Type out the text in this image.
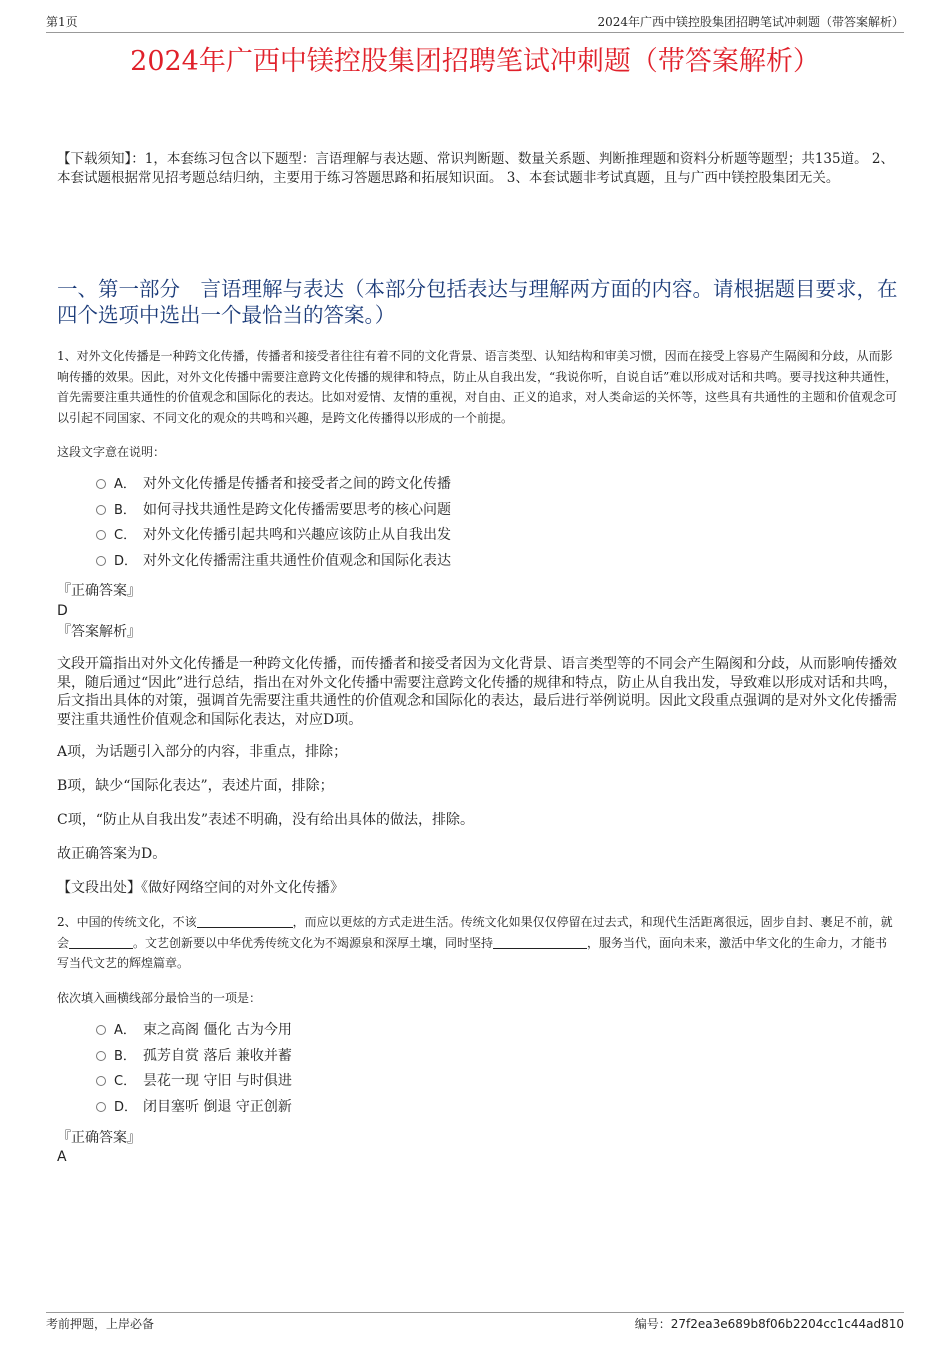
第1页	2024年广西中镁控股集团招聘笔试冲刺题（带答案解析）
2024年广西中镁控股集团招聘笔试冲刺题（带答案解析）
【下载须知】：1，本套练习包含以下题型：言语理解与表达题、常识判断题、数量关系题、判断推理题和资料分析题等题型；共135道。 2、本套试题根据常见招考题总结归纳，主要用于练习答题思路和拓展知识面。 3、本套试题非考试真题，且与广西中镁控股集团无关。
一、第一部分　言语理解与表达（本部分包括表达与理解两方面的内容。请根据题目要求，在四个选项中选出一个最恰当的答案。）
1、对外文化传播是一种跨文化传播，传播者和接受者往往有着不同的文化背景、语言类型、认知结构和审美习惯，因而在接受上容易产生隔阂和分歧，从而影响传播的效果。因此，对外文化传播中需要注意跨文化传播的规律和特点，防止从自我出发，“我说你听，自说自话”难以形成对话和共鸣。要寻找这种共通性，首先需要注重共通性的价值观念和国际化的表达。比如对爱情、友情的重视，对自由、正义的追求，对人类命运的关怀等，这些具有共通性的主题和价值观念可以引起不同国家、不同文化的观众的共鸣和兴趣，是跨文化传播得以形成的一个前提。
这段文字意在说明：
A． 对外文化传播是传播者和接受者之间的跨文化传播
B． 如何寻找共通性是跨文化传播需要思考的核心问题
C． 对外文化传播引起共鸣和兴趣应该防止从自我出发
D． 对外文化传播需注重共通性价值观念和国际化表达
『正确答案』
D
『答案解析』
文段开篇指出对外文化传播是一种跨文化传播，而传播者和接受者因为文化背景、语言类型等的不同会产生隔阂和分歧，从而影响传播效果，随后通过“因此”进行总结，指出在对外文化传播中需要注意跨文化传播的规律和特点，防止从自我出发，导致难以形成对话和共鸣，后文指出具体的对策，强调首先需要注重共通性的价值观念和国际化的表达，最后进行举例说明。因此文段重点强调的是对外文化传播需要注重共通性价值观念和国际化表达，对应D项。
A项，为话题引入部分的内容，非重点，排除；
B项，缺少“国际化表达”，表述片面，排除；
C项，“防止从自我出发”表述不明确，没有给出具体的做法，排除。
故正确答案为D。
【文段出处】《做好网络空间的对外文化传播》
2、中国的传统文化，不该	，而应以更炫的方式走进生活。传统文化如果仅仅停留在过去式，和现代生活距离很远，固步自封、裹足不前，就会	。文艺创新要以中华优秀传统文化为不竭源泉和深厚土壤，同时坚持	，服务当代，面向未来，激活中华文化的生命力，才能书写当代文艺的辉煌篇章。
依次填入画横线部分最恰当的一项是：
A． 束之高阁 僵化 古为今用
B． 孤芳自赏 落后 兼收并蓄
C． 昙花一现 守旧 与时俱进
D． 闭目塞听 倒退 守正创新
『正确答案』
A
考前押题，上岸必备	编号：27f2ea3e689b8f06b2204cc1c44ad810
